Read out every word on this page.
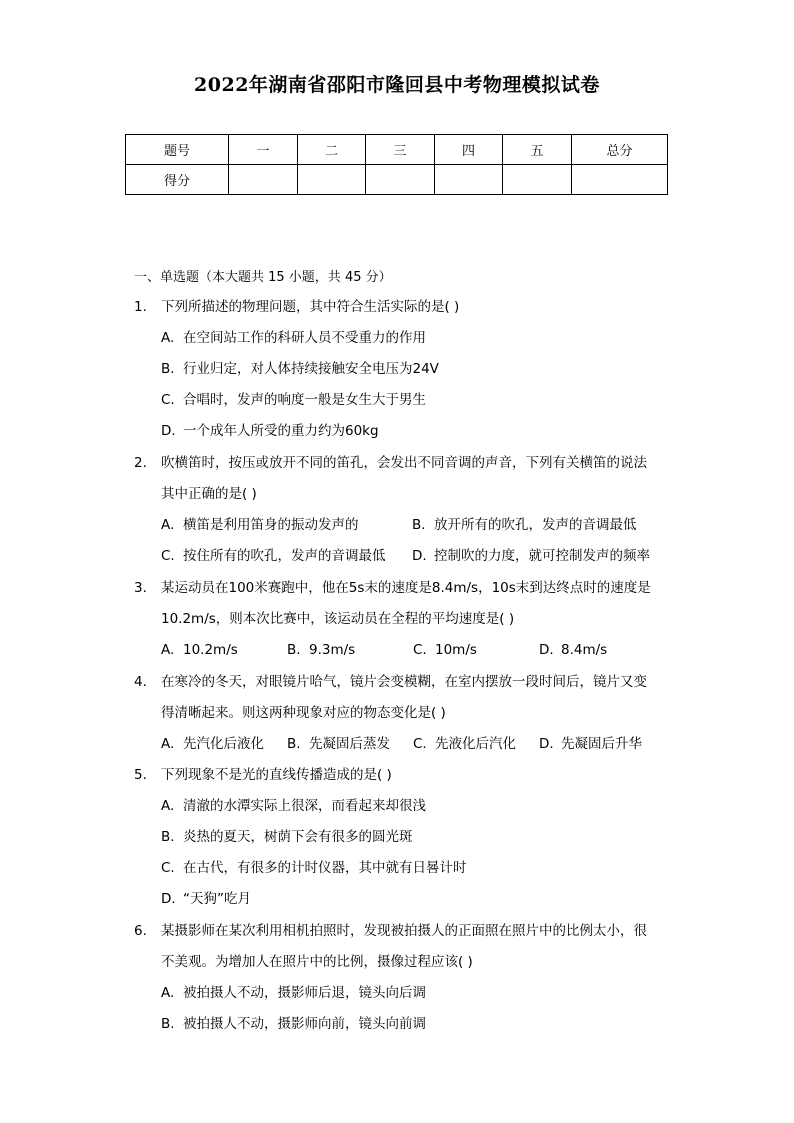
2022年湖南省邵阳市隆回县中考物理模拟试卷
题号	一	二	三	四	五	总分
得分						
一、单选题（本大题共 15 小题，共 45 分）
1. 下列所描述的物理问题，其中符合生活实际的是( )
A. 在空间站工作的科研人员不受重力的作用
B. 行业归定，对人体持续接触安全电压为24V
C. 合唱时，发声的响度一般是女生大于男生
D. 一个成年人所受的重力约为60kg
2. 吹横笛时，按压或放开不同的笛孔，会发出不同音调的声音，下列有关横笛的说法
其中正确的是( )
A. 横笛是利用笛身的振动发声的	B. 放开所有的吹孔，发声的音调最低
C. 按住所有的吹孔，发声的音调最低 D. 控制吹的力度，就可控制发声的频率
3. 某运动员在100米赛跑中，他在5s末的速度是8.4m/s，10s末到达终点时的速度是
10.2m/s，则本次比赛中，该运动员在全程的平均速度是( )
A. 10.2m/s	B. 9.3m/s	C. 10m/s	D. 8.4m/s
4. 在寒冷的冬天，对眼镜片哈气，镜片会变模糊，在室内摆放一段时间后，镜片又变
得清晰起来。则这两种现象对应的物态变化是( )
A. 先汽化后液化 B. 先凝固后蒸发 C. 先液化后汽化 D. 先凝固后升华
5. 下列现象不是光的直线传播造成的是( )
A. 清澈的水潭实际上很深，而看起来却很浅
B. 炎热的夏天，树荫下会有很多的圆光斑
C. 在古代，有很多的计时仪器，其中就有日晷计时
D. “天狗”吃月
6. 某摄影师在某次利用相机拍照时，发现被拍摄人的正面照在照片中的比例太小，很
不美观。为增加人在照片中的比例，摄像过程应该( )
A. 被拍摄人不动，摄影师后退，镜头向后调
B. 被拍摄人不动，摄影师向前，镜头向前调
